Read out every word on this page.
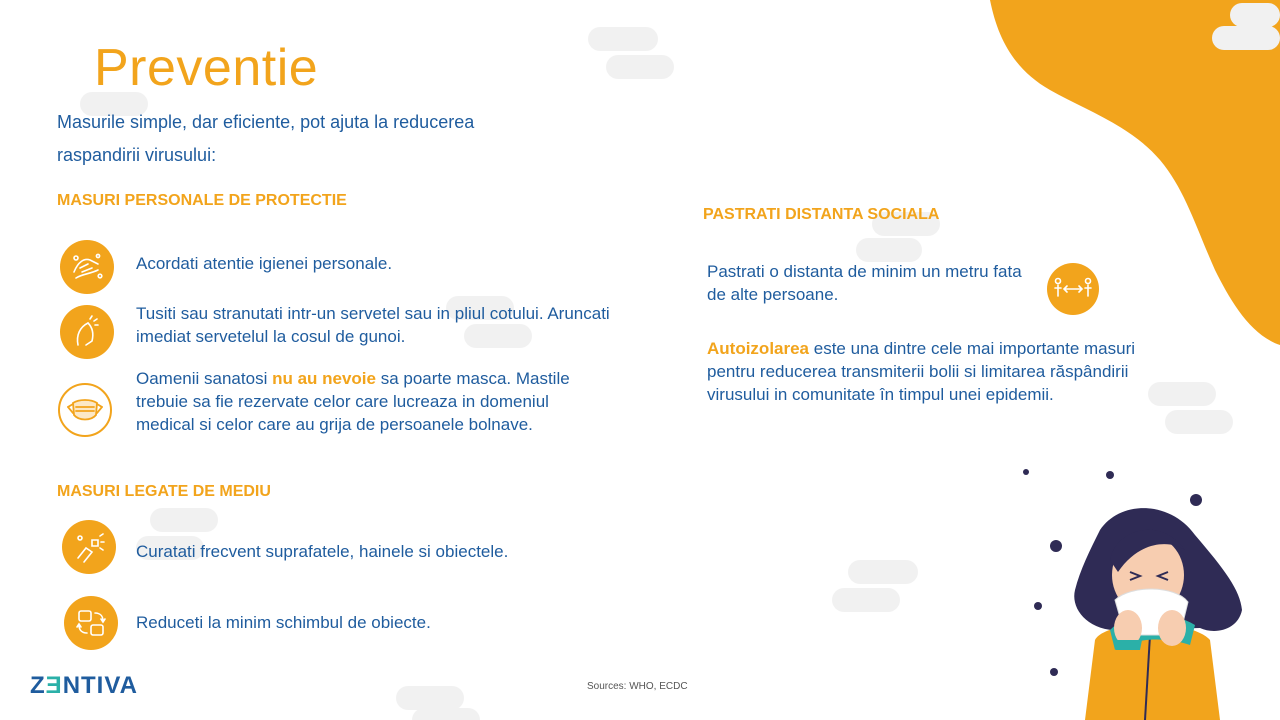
Preventie
Masurile simple, dar eficiente, pot ajuta la reducerea raspandirii virusului:
MASURI PERSONALE DE PROTECTIE
Acordati atentie igienei personale.
Tusiti sau stranutati intr-un servetel sau in pliul cotului. Aruncati imediat servetelul la cosul de gunoi.
Oamenii sanatosi nu au nevoie sa poarte masca. Mastile trebuie sa fie rezervate celor care lucreaza in domeniul medical si celor care au grija de persoanele bolnave.
MASURI LEGATE DE MEDIU
Curatati frecvent suprafatele, hainele si obiectele.
Reduceti la minim schimbul de obiecte.
PASTRATI DISTANTA SOCIALA
Pastrati o distanta de minim un metru fata de alte persoane.
Autoizolarea este una dintre cele mai importante masuri pentru reducerea transmiterii bolii si limitarea răspândirii virusului in comunitate în timpul unei epidemii.
ZƎNTIVA	Sources: WHO, ECDC
